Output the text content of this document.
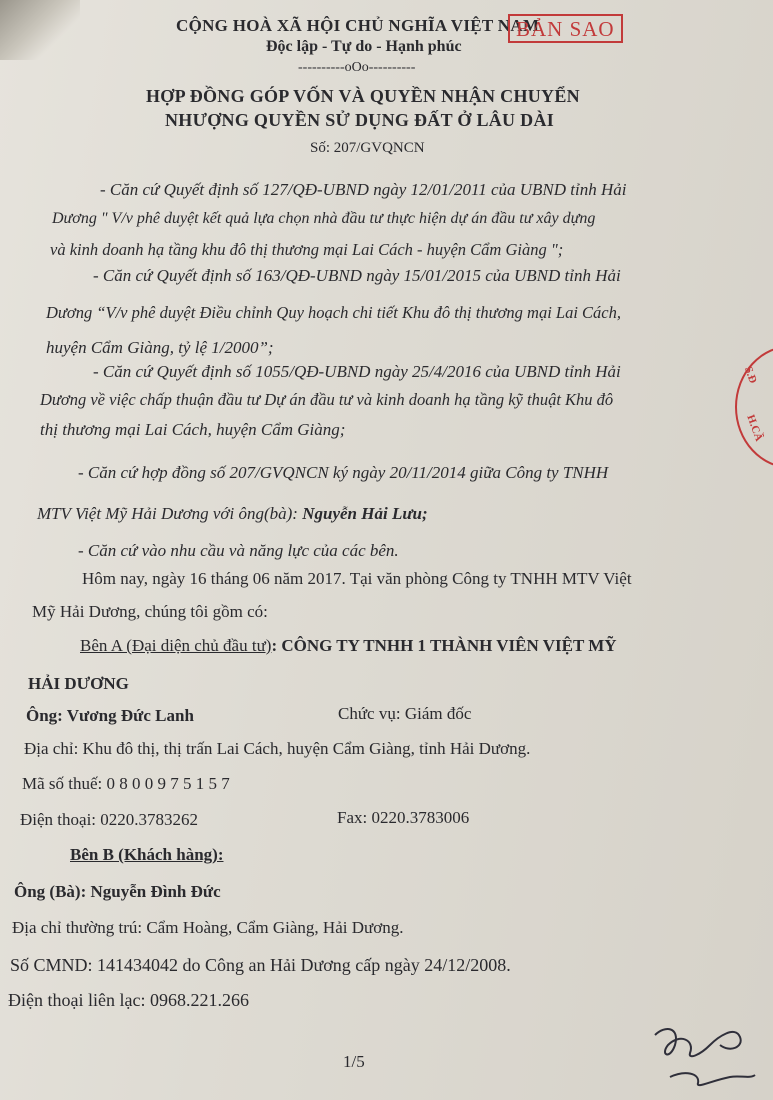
CỘNG HOÀ XÃ HỘI CHỦ NGHĨA VIỆT NAM
Độc lập - Tự do - Hạnh phúc
----------oOo----------
BẢN SAO
HỢP ĐỒNG GÓP VỐN VÀ QUYỀN NHẬN CHUYỂN
NHƯỢNG QUYỀN SỬ DỤNG ĐẤT Ở LÂU DÀI
Số: 207/GVQNCN
- Căn cứ Quyết định số 127/QĐ-UBND ngày 12/01/2011 của UBND tỉnh Hải
Dương " V/v phê duyệt kết quả lựa chọn nhà đầu tư thực hiện dự án đầu tư xây dựng
và kinh doanh hạ tầng khu đô thị thương mại Lai Cách - huyện Cẩm Giàng ";
- Căn cứ Quyết định số 163/QĐ-UBND ngày 15/01/2015 của UBND tỉnh Hải
Dương “V/v phê duyệt Điều chỉnh Quy hoạch chi tiết Khu đô thị thương mại Lai Cách,
huyện Cẩm Giàng, tỷ lệ 1/2000”;
- Căn cứ Quyết định số 1055/QĐ-UBND ngày 25/4/2016 của UBND tỉnh Hải
Dương về việc chấp thuận đầu tư Dự án đầu tư và kinh doanh hạ tầng kỹ thuật Khu đô
thị thương mại Lai Cách, huyện Cẩm Giàng;
- Căn cứ hợp đồng số 207/GVQNCN ký ngày 20/11/2014 giữa Công ty TNHH
MTV Việt Mỹ Hải Dương với ông(bà): Nguyễn Hải Lưu;
- Căn cứ vào nhu cầu và năng lực của các bên.
Hôm nay, ngày 16 tháng 06 năm 2017. Tại văn phòng Công ty TNHH MTV Việt
Mỹ Hải Dương, chúng tôi gồm có:
Bên A (Đại diện chủ đầu tư): CÔNG TY TNHH 1 THÀNH VIÊN VIỆT MỸ
HẢI DƯƠNG
Ông: Vương Đức Lanh	Chức vụ: Giám đốc
Địa chỉ: Khu đô thị, thị trấn Lai Cách, huyện Cẩm Giàng, tỉnh Hải Dương.
Mã số thuế: 0 8 0 0 9 7 5 1 5 7
Điện thoại: 0220.3783262	Fax: 0220.3783006
Bên B (Khách hàng):
Ông (Bà): Nguyễn Đình Đức
Địa chỉ thường trú: Cẩm Hoàng, Cẩm Giàng, Hải Dương.
Số CMND: 141434042 do Công an Hải Dương cấp ngày 24/12/2008.
Điện thoại liên lạc: 0968.221.266
1/5
S.Đ
H.CẦ
